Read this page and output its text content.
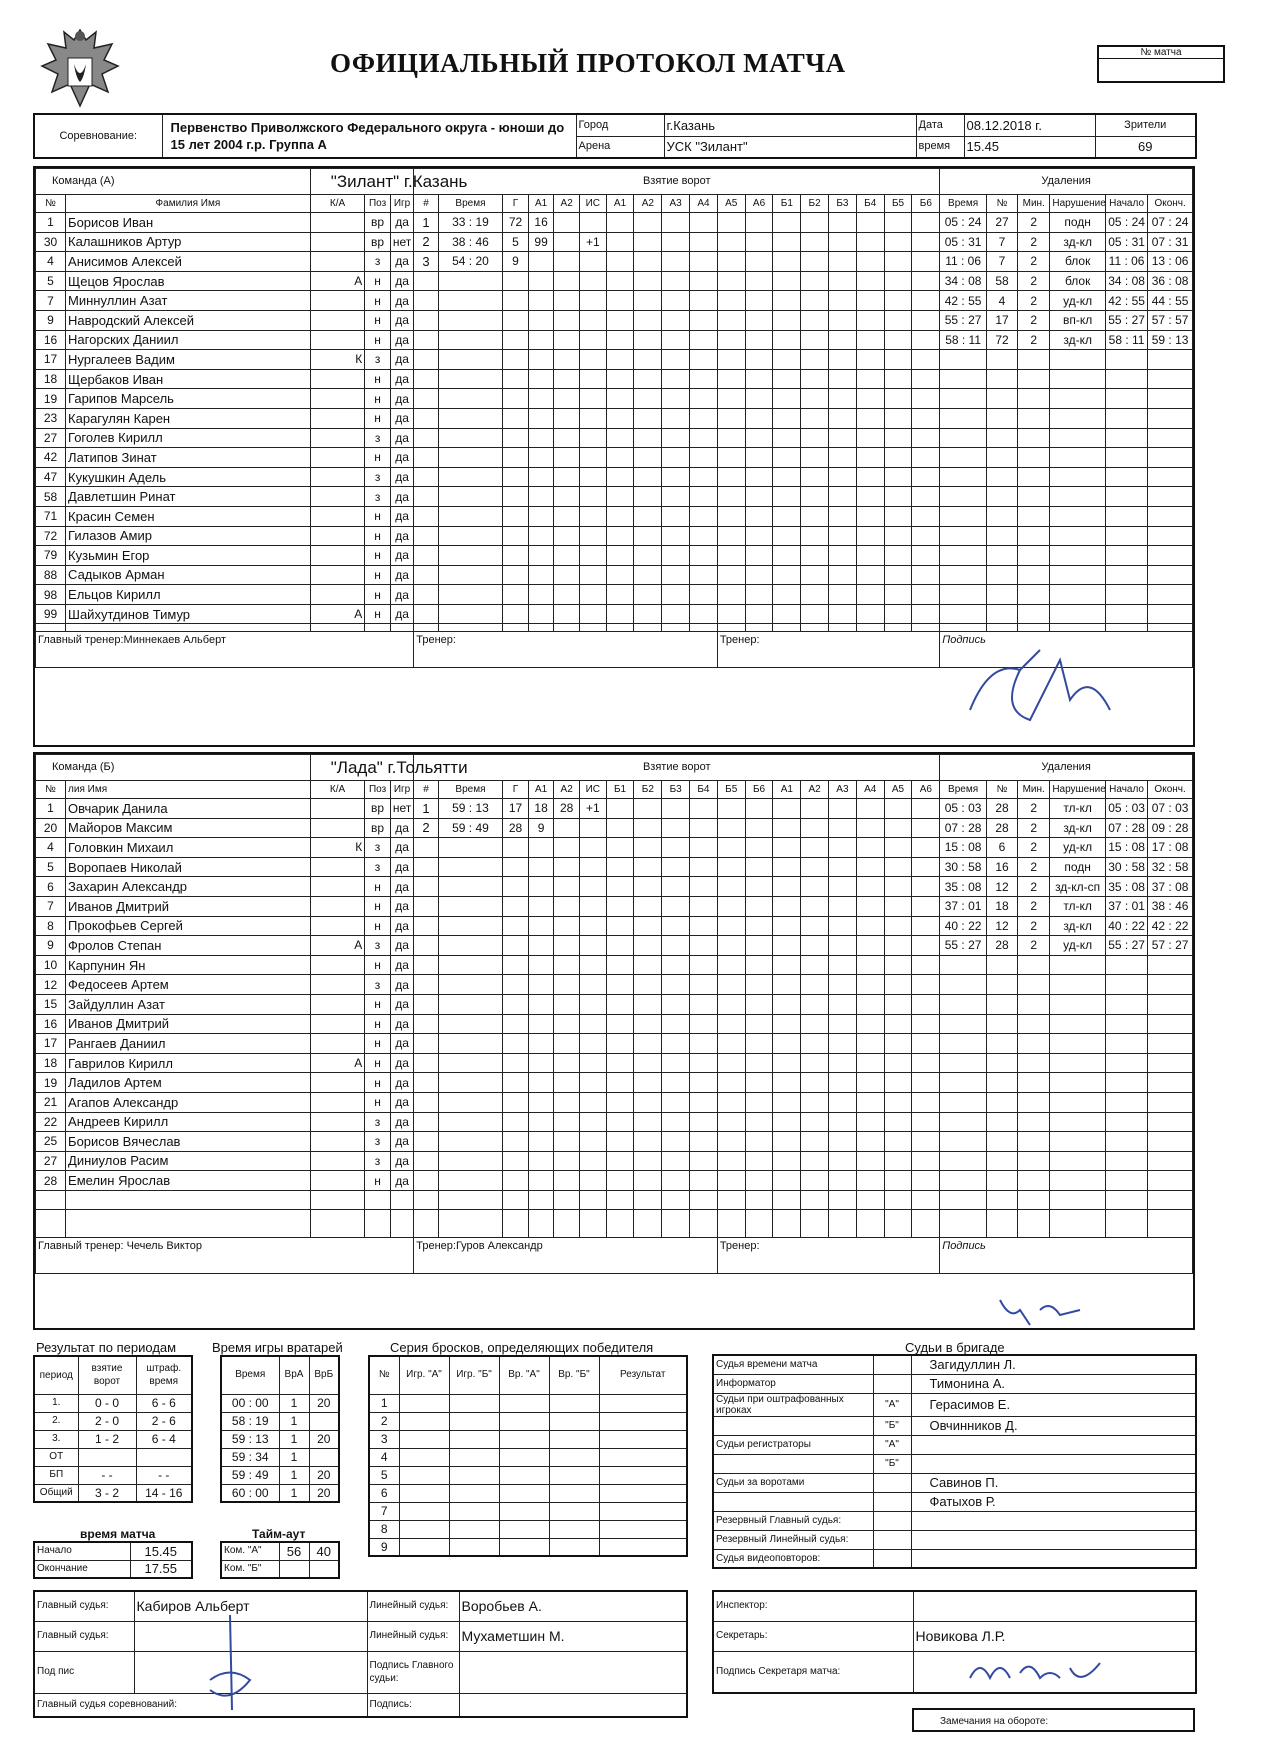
ОФИЦИАЛЬНЫЙ ПРОТОКОЛ МАТЧА	№ матча
Соревнование:	Первенство Приволжского Федерального округа - юноши до 15 лет 2004 г.р. Группа А	Город	г.Казань	Дата	08.12.2018 г.	Зрители
		Арена	УСК "Зилант"	время	15.45	69
Команда (А)		"Зилант" г.Казань			Взятие ворот																		Удаления					
№	Фамилия Имя	К/А	Поз	Игр	#	Время	Г	А1	А2	ИС	А1	А2	А3	А4	А5	А6	Б1	Б2	Б3	Б4	Б5	Б6	Время	№	Мин.	Нарушение	Начало	Оконч.
1	Борисов Иван		вр	да	1	33 : 19	72	16															05 : 24	27	2	подн	05 : 24	07 : 24
30	Калашников Артур		вр	нет	2	38 : 46	5	99		+1													05 : 31	7	2	зд-кл	05 : 31	07 : 31
4	Анисимов Алексей		з	да	3	54 : 20	9																11 : 06	7	2	блок	11 : 06	13 : 06
5	Щецов Ярослав	А	н	да																			34 : 08	58	2	блок	34 : 08	36 : 08
7	Миннуллин Азат		н	да																			42 : 55	4	2	уд-кл	42 : 55	44 : 55
9	Навродский Алексей		н	да																			55 : 27	17	2	вп-кл	55 : 27	57 : 57
16	Нагорских Даниил		н	да																			58 : 11	72	2	зд-кл	58 : 11	59 : 13
17	Нургалеев Вадим	К	з	да																								
18	Щербаков Иван		н	да																								
19	Гарипов Марсель		н	да																								
23	Карагулян Карен		н	да																								
27	Гоголев Кирилл		з	да																								
42	Латипов Зинат		н	да																								
47	Кукушкин Адель		з	да																								
58	Давлетшин Ринат		з	да																								
71	Красин Семен		н	да																								
72	Гилазов Амир		н	да																								
79	Кузьмин Егор		н	да																								
88	Садыков Арман		н	да																								
98	Ельцов Кирилл		н	да																								
99	Шайхутдинов Тимур	А	н	да																								

Главный тренер:Миннекаев Альберт					Тренер:										Тренер:								Подпись					
Команда (Б)		"Лада" г.Тольятти			Взятие ворот																		Удаления					
№	лия Имя	К/А	Поз	Игр	#	Время	Г	А1	А2	ИС	Б1	Б2	Б3	Б4	Б5	Б6	А1	А2	А3	А4	А5	А6	Время	№	Мин.	Нарушение	Начало	Оконч.
1	Овчарик Данила		вр	нет	1	59 : 13	17	18	28	+1													05 : 03	28	2	тл-кл	05 : 03	07 : 03
20	Майоров Максим		вр	да	2	59 : 49	28	9															07 : 28	28	2	зд-кл	07 : 28	09 : 28
4	Головкин Михаил	К	з	да																			15 : 08	6	2	уд-кл	15 : 08	17 : 08
5	Воропаев Николай		з	да																			30 : 58	16	2	подн	30 : 58	32 : 58
6	Захарин Александр		н	да																			35 : 08	12	2	зд-кл-сп	35 : 08	37 : 08
7	Иванов Дмитрий		н	да																			37 : 01	18	2	тл-кл	37 : 01	38 : 46
8	Прокофьев Сергей		н	да																			40 : 22	12	2	зд-кл	40 : 22	42 : 22
9	Фролов Степан	А	з	да																			55 : 27	28	2	уд-кл	55 : 27	57 : 27
10	Карпунин Ян		н	да																								
12	Федосеев Артем		з	да																								
15	Зайдуллин Азат		н	да																								
16	Иванов Дмитрий		н	да																								
17	Рангаев Даниил		н	да																								
18	Гаврилов Кирилл	А	н	да																								
19	Ладилов Артем		н	да																								
21	Агапов Александр		н	да																								
22	Андреев Кирилл		з	да																								
25	Борисов Вячеслав		з	да																								
27	Диниулов Расим		з	да																								
28	Емелин Ярослав		н	да																								

Главный тренер: Чечель Виктор					Тренер:Гуров Александр										Тренер:								Подпись					
Результат по периодам
период	взятие ворот	штраф. время
1.	0 - 0	6 - 6
2.	2 - 0	2 - 6
3.	1 - 2	6 - 4
ОТ		
БП	- -	- -
Общий	3 - 2	14 - 16
Время игры вратарей
Время	ВрА	ВрБ
00 : 00	1	20
58 : 19	1	
59 : 13	1	20
59 : 34	1	
59 : 49	1	20
60 : 00	1	20
Серия бросков, определяющих победителя
№	Игр. "А"	Игр. "Б"	Вр. "А"	Вр. "Б"	Результат
1					
2					
3					
4					
5					
6					
7					
8					
9					
время матча
Начало	15.45
Окончание	17.55
Тайм-аут
Ком. "А"	56	40
Ком. "Б"		
Судьи в бригаде
Судья времени матча		Загидуллин Л.
Информатор		Тимонина А.
Судьи при оштрафованных игроках	"А"	Герасимов Е.
	"Б"	Овчинников Д.
Судьи регистраторы	"А"	
	"Б"	
Судьи за воротами		Савинов П.
		Фатыхов Р.
Резервный Главный судья:		
Резервный Линейный судья:		
Судья видеоповторов:		
Главный судья:	Кабиров Альберт	Линейный судья:	Воробьев А.
Главный судья:		Линейный судья:	Мухаметшин М.
Под пис		Подпись Главного судьи:	
Главный судья соревнований:		Подпись:	
Инспектор:	
Секретарь:	Новикова Л.Р.
Подпись Секретаря матча:	
Замечания на обороте:
